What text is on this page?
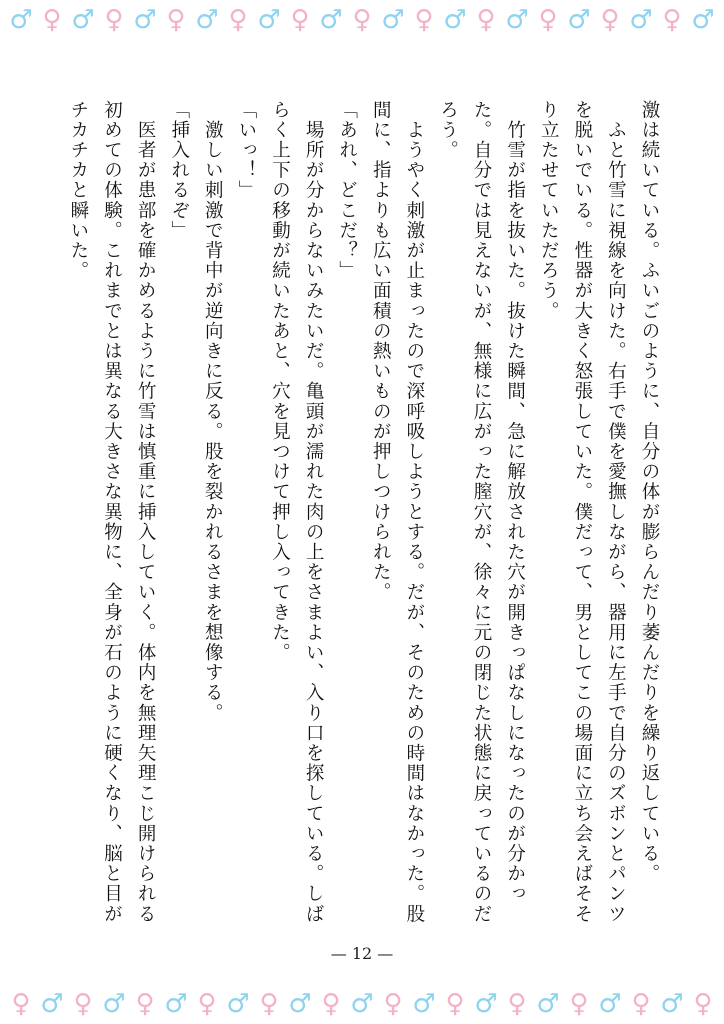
♂ ♀ ♂ ♀ ♂ ♀ ♂ ♀ ♂ ♀ ♂ ♀ ♂ ♀ ♂ ♀ ♂ ♀ ♂ ♀ ♂ ♀ ♂

激は続いている。ふいごのように、自分の体が膨らんだり萎んだりを繰り返している。

　ふと竹雪に視線を向けた。右手で僕を愛撫しながら、器用に左手で自分のズボンとパンツを脱いでいる。性器が大きく怒張していた。僕だって、男としてこの場面に立ち会えばそそり立たせていただろう。

　竹雪が指を抜いた。抜けた瞬間、急に解放された穴が開きっぱなしになったのが分かった。自分では見えないが、無様に広がった膣穴が、徐々に元の閉じた状態に戻っているのだろう。

　ようやく刺激が止まったので深呼吸しようとする。だが、そのための時間はなかった。股間に、指よりも広い面積の熱いものが押しつけられた。

「あれ、どこだ？」

　場所が分からないみたいだ。亀頭が濡れた肉の上をさまよい、入り口を探している。しばらく上下の移動が続いたあと、穴を見つけて押し入ってきた。

「いっ！」

　激しい刺激で背中が逆向きに反る。股を裂かれるさまを想像する。

「挿入れるぞ」

　医者が患部を確かめるように竹雪は慎重に挿入していく。体内を無理矢理こじ開けられる初めての体験。これまでとは異なる大きさな異物に、全身が石のように硬くなり、脳と目がチカチカと瞬いた。

— 12 —
♀ ♂ ♀ ♂ ♀ ♂ ♀ ♂ ♀ ♂ ♀ ♂ ♀ ♂ ♀ ♂ ♀ ♂ ♀ ♂ ♀ ♂ ♀
